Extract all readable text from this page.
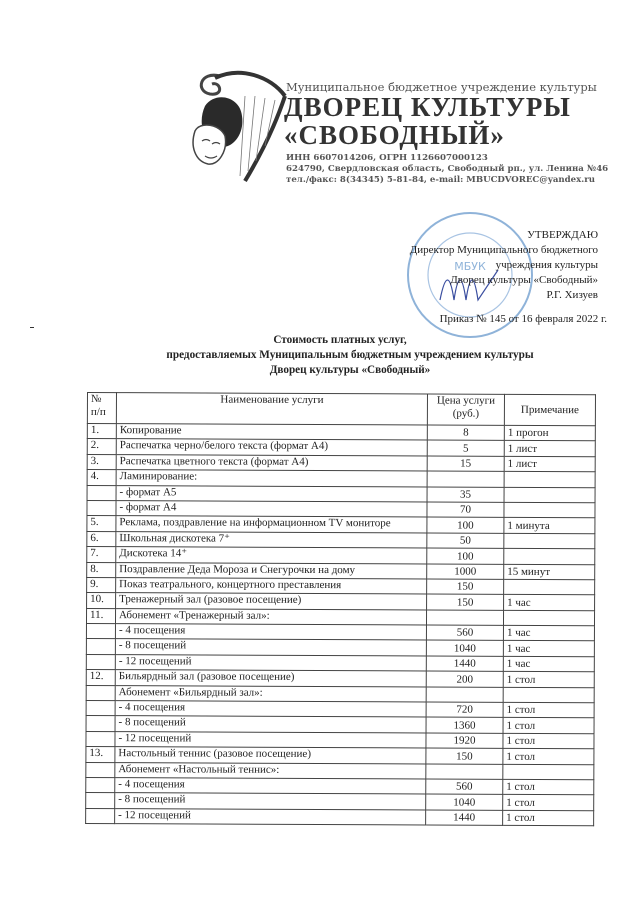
Муниципальное бюджетное учреждение культуры
ДВОРЕЦ КУЛЬТУРЫ
«СВОБОДНЫЙ»
ИНН 6607014206, ОГРН 1126607000123
624790, Свердловская область, Свободный рп., ул. Ленина №46
тел./факс: 8(34345) 5-81-84, e-mail: MBUCDVOREC@yandex.ru
МБУК
УТВЕРЖДАЮ
Директор Муниципального бюджетного
учреждения культуры
Дворец культуры «Свободный»
Р.Г. Хизуев
Приказ № 145 от 16 февраля 2022 г.
Стоимость платных услуг,
предоставляемых Муниципальным бюджетным учреждением культуры
Дворец культуры «Свободный»
№ п/п	Наименование услуги	Цена услуги (руб.)	Примечание
1.	Копирование	8	1 прогон
2.	Распечатка черно/белого текста (формат А4)	5	1 лист
3.	Распечатка цветного текста (формат А4)	15	1 лист
4.	Ламинирование:		
	- формат А5	35	
	- формат А4	70	
5.	Реклама, поздравление на информационном TV мониторе	100	1 минута
6.	Школьная дискотека 7⁺	50	
7.	Дискотека 14⁺	100	
8.	Поздравление Деда Мороза и Снегурочки на дому	1000	15 минут
9.	Показ театрального, концертного преставления	150	
10.	Тренажерный зал (разовое посещение)	150	1 час
11.	Абонемент «Тренажерный зал»:		
	- 4 посещения	560	1 час
	- 8 посещений	1040	1 час
	- 12 посещений	1440	1 час
12.	Бильярдный зал (разовое посещение)	200	1 стол
	Абонемент «Бильярдный зал»:		
	- 4 посещения	720	1 стол
	- 8 посещений	1360	1 стол
	- 12 посещений	1920	1 стол
13.	Настольный теннис (разовое посещение)	150	1 стол
	Абонемент «Настольный теннис»:		
	- 4 посещения	560	1 стол
	- 8 посещений	1040	1 стол
	- 12 посещений	1440	1 стол
